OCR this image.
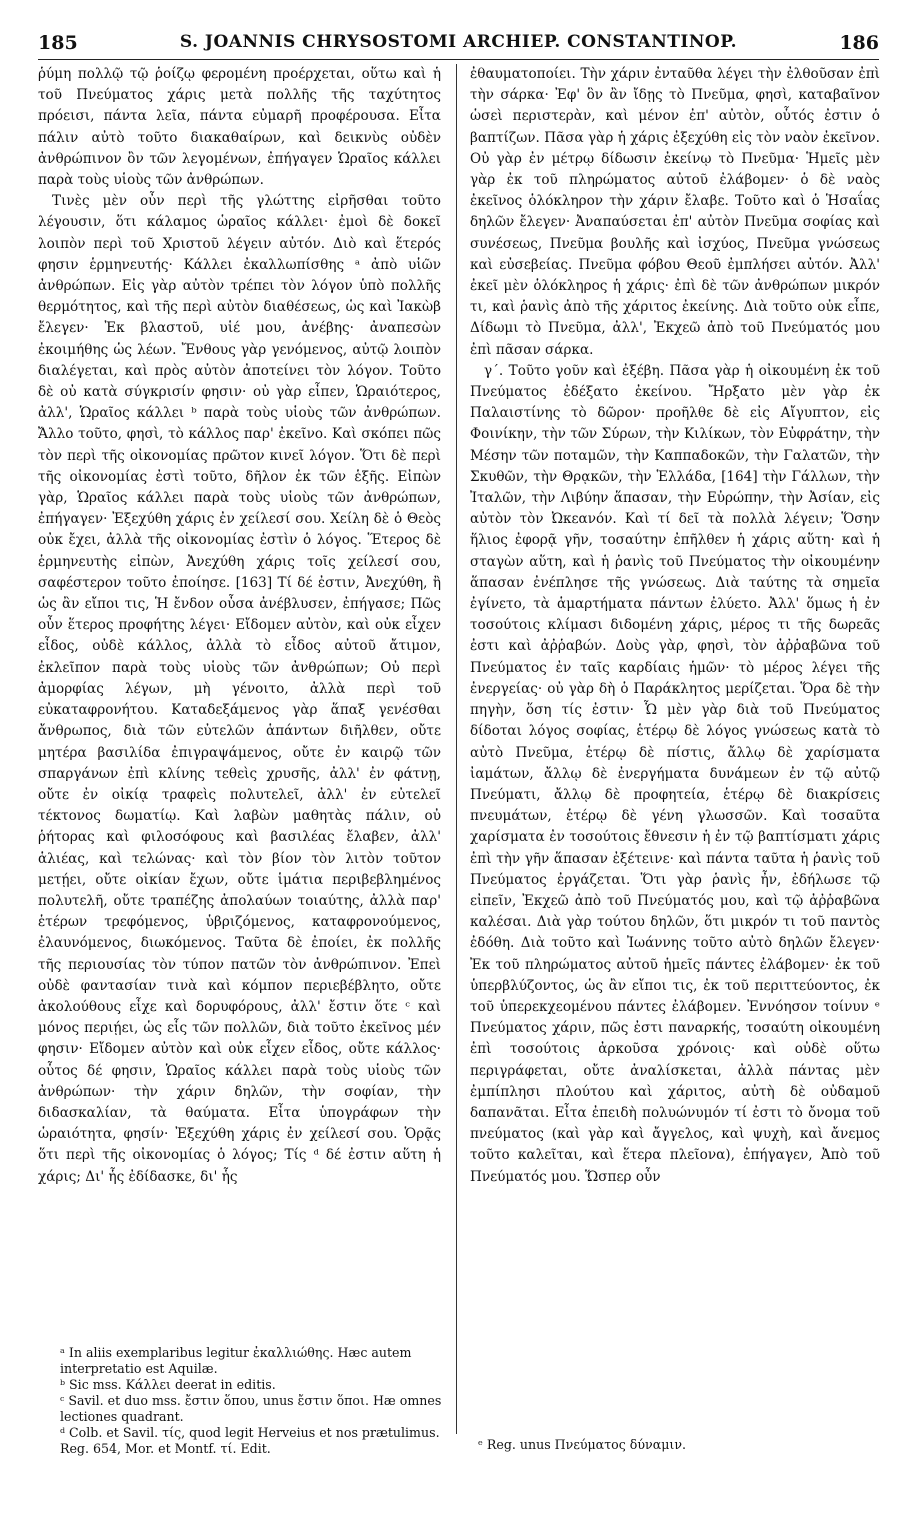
185	S. JOANNIS CHRYSOSTOMI ARCHIEP. CONSTANTINOP.	186

ῥύμη πολλῷ τῷ ῥοίζῳ φερομένη προέρχεται, οὕτω καὶ ἡ τοῦ Πνεύματος χάρις μετὰ πολλῆς τῆς ταχύτητος πρόεισι, πάντα λεῖα, πάντα εὐμαρῆ προφέρουσα. Εἶτα πάλιν αὐτὸ τοῦτο διακαθαίρων, καὶ δεικνὺς οὐδὲν ἀνθρώπινον ὂν τῶν λεγομένων, ἐπήγαγεν Ὡραῖος κάλλει παρὰ τοὺς υἱοὺς τῶν ἀνθρώπων.

Τινὲς μὲν οὖν περὶ τῆς γλώττης εἰρῆσθαι τοῦτο λέγουσιν, ὅτι κάλαμος ὡραῖος κάλλει· ἐμοὶ δὲ δοκεῖ λοιπὸν περὶ τοῦ Χριστοῦ λέγειν αὐτόν. Διὸ καὶ ἕτερός φησιν ἑρμηνευτής· Κάλλει ἐκαλλωπίσθης ᵃ ἀπὸ υἱῶν ἀνθρώπων. Εἰς γὰρ αὐτὸν τρέπει τὸν λόγον ὑπὸ πολλῆς θερμότητος, καὶ τῆς περὶ αὐτὸν διαθέσεως, ὡς καὶ Ἰακὼβ ἔλεγεν· Ἐκ βλαστοῦ, υἱέ μου, ἀνέβης· ἀναπεσὼν ἐκοιμήθης ὡς λέων. Ἔνθους γὰρ γενόμενος, αὐτῷ λοιπὸν διαλέγεται, καὶ πρὸς αὐτὸν ἀποτείνει τὸν λόγον. Τοῦτο δὲ οὐ κατὰ σύγκρισίν φησιν· οὐ γὰρ εἶπεν, Ὡραιότερος, ἀλλ', Ὡραῖος κάλλει ᵇ παρὰ τοὺς υἱοὺς τῶν ἀνθρώπων. Ἄλλο τοῦτο, φησὶ, τὸ κάλλος παρ' ἐκεῖνο. Καὶ σκόπει πῶς τὸν περὶ τῆς οἰκονομίας πρῶτον κινεῖ λόγον. Ὅτι δὲ περὶ τῆς οἰκονομίας ἐστὶ τοῦτο, δῆλον ἐκ τῶν ἑξῆς. Εἰπὼν γὰρ, Ὡραῖος κάλλει παρὰ τοὺς υἱοὺς τῶν ἀνθρώπων, ἐπήγαγεν· Ἐξεχύθη χάρις ἐν χείλεσί σου. Χείλη δὲ ὁ Θεὸς οὐκ ἔχει, ἀλλὰ τῆς οἰκονομίας ἐστὶν ὁ λόγος. Ἕτερος δὲ ἑρμηνευτὴς εἰπὼν, Ἀνεχύθη χάρις τοῖς χείλεσί σου, σαφέστερον τοῦτο ἐποίησε. [163] Τί δέ ἐστιν, Ἀνεχύθη, ἢ ὡς ἂν εἴποι τις, Ἡ ἔνδον οὖσα ἀνέβλυσεν, ἐπήγασε; Πῶς οὖν ἕτερος προφήτης λέγει· Εἴδομεν αὐτὸν, καὶ οὐκ εἶχεν εἶδος, οὐδὲ κάλλος, ἀλλὰ τὸ εἶδος αὐτοῦ ἄτιμον, ἐκλεῖπον παρὰ τοὺς υἱοὺς τῶν ἀνθρώπων; Οὐ περὶ ἀμορφίας λέγων, μὴ γένοιτο, ἀλλὰ περὶ τοῦ εὐκαταφρονήτου. Καταδεξάμενος γὰρ ἅπαξ γενέσθαι ἄνθρωπος, διὰ τῶν εὐτελῶν ἁπάντων διῆλθεν, οὔτε μητέρα βασιλίδα ἐπιγραψάμενος, οὔτε ἐν καιρῷ τῶν σπαργάνων ἐπὶ κλίνης τεθεὶς χρυσῆς, ἀλλ' ἐν φάτνῃ, οὔτε ἐν οἰκίᾳ τραφεὶς πολυτελεῖ, ἀλλ' ἐν εὐτελεῖ τέκτονος δωματίῳ. Καὶ λαβὼν μαθητὰς πάλιν, οὐ ῥήτορας καὶ φιλοσόφους καὶ βασιλέας ἔλαβεν, ἀλλ' ἁλιέας, καὶ τελώνας· καὶ τὸν βίον τὸν λιτὸν τοῦτον μετῄει, οὔτε οἰκίαν ἔχων, οὔτε ἱμάτια περιβεβλημένος πολυτελῆ, οὔτε τραπέζης ἀπολαύων τοιαύτης, ἀλλὰ παρ' ἑτέρων τρεφόμενος, ὑβριζόμενος, καταφρονούμενος, ἐλαυνόμενος, διωκόμενος. Ταῦτα δὲ ἐποίει, ἐκ πολλῆς τῆς περιουσίας τὸν τύπον πατῶν τὸν ἀνθρώπινον. Ἐπεὶ οὐδὲ φαντασίαν τινὰ καὶ κόμπον περιεβέβλητο, οὔτε ἀκολούθους εἶχε καὶ δορυφόρους, ἀλλ' ἔστιν ὅτε ᶜ καὶ μόνος περιῄει, ὡς εἷς τῶν πολλῶν, διὰ τοῦτο ἐκεῖνος μέν φησιν· Εἴδομεν αὐτὸν καὶ οὐκ εἶχεν εἶδος, οὔτε κάλλος· οὗτος δέ φησιν, Ὡραῖος κάλλει παρὰ τοὺς υἱοὺς τῶν ἀνθρώπων· τὴν χάριν δηλῶν, τὴν σοφίαν, τὴν διδασκαλίαν, τὰ θαύματα. Εἶτα ὑπογράφων τὴν ὡραιότητα, φησίν· Ἐξεχύθη χάρις ἐν χείλεσί σου. Ὁρᾷς ὅτι περὶ τῆς οἰκονομίας ὁ λόγος; Τίς ᵈ δέ ἐστιν αὕτη ἡ χάρις; Δι' ἧς ἐδίδασκε, δι' ἧς

ἐθαυματοποίει. Τὴν χάριν ἐνταῦθα λέγει τὴν ἐλθοῦσαν ἐπὶ τὴν σάρκα· Ἐφ' ὃν ἂν ἴδῃς τὸ Πνεῦμα, φησὶ, καταβαῖνον ὡσεὶ περιστερὰν, καὶ μένον ἐπ' αὐτὸν, οὗτός ἐστιν ὁ βαπτίζων. Πᾶσα γὰρ ἡ χάρις ἐξεχύθη εἰς τὸν ναὸν ἐκεῖνον. Οὐ γὰρ ἐν μέτρῳ δίδωσιν ἐκείνῳ τὸ Πνεῦμα· Ἡμεῖς μὲν γὰρ ἐκ τοῦ πληρώματος αὐτοῦ ἐλάβομεν· ὁ δὲ ναὸς ἐκεῖνος ὁλόκληρον τὴν χάριν ἔλαβε. Τοῦτο καὶ ὁ Ἡσαΐας δηλῶν ἔλεγεν· Ἀναπαύσεται ἐπ' αὐτὸν Πνεῦμα σοφίας καὶ συνέσεως, Πνεῦμα βουλῆς καὶ ἰσχύος, Πνεῦμα γνώσεως καὶ εὐσεβείας. Πνεῦμα φόβου Θεοῦ ἐμπλήσει αὐτόν. Ἀλλ' ἐκεῖ μὲν ὁλόκληρος ἡ χάρις· ἐπὶ δὲ τῶν ἀνθρώπων μικρόν τι, καὶ ῥανὶς ἀπὸ τῆς χάριτος ἐκείνης. Διὰ τοῦτο οὐκ εἶπε, Δίδωμι τὸ Πνεῦμα, ἀλλ', Ἐκχεῶ ἀπὸ τοῦ Πνεύματός μου ἐπὶ πᾶσαν σάρκα.

γ΄. Τοῦτο γοῦν καὶ ἐξέβη. Πᾶσα γὰρ ἡ οἰκουμένη ἐκ τοῦ Πνεύματος ἐδέξατο ἐκείνου. Ἤρξατο μὲν γὰρ ἐκ Παλαιστίνης τὸ δῶρον· προῆλθε δὲ εἰς Αἴγυπτον, εἰς Φοινίκην, τὴν τῶν Σύρων, τὴν Κιλίκων, τὸν Εὐφράτην, τὴν Μέσην τῶν ποταμῶν, τὴν Καππαδοκῶν, τὴν Γαλατῶν, τὴν Σκυθῶν, τὴν Θρᾳκῶν, τὴν Ἑλλάδα, [164] τὴν Γάλλων, τὴν Ἰταλῶν, τὴν Λιβύην ἅπασαν, τὴν Εὐρώπην, τὴν Ἀσίαν, εἰς αὐτὸν τὸν Ὠκεανόν. Καὶ τί δεῖ τὰ πολλὰ λέγειν; Ὅσην ἥλιος ἐφορᾷ γῆν, τοσαύτην ἐπῆλθεν ἡ χάρις αὕτη· καὶ ἡ σταγὼν αὕτη, καὶ ἡ ῥανὶς τοῦ Πνεύματος τὴν οἰκουμένην ἅπασαν ἐνέπλησε τῆς γνώσεως. Διὰ ταύτης τὰ σημεῖα ἐγίνετο, τὰ ἁμαρτήματα πάντων ἐλύετο. Ἀλλ' ὅμως ἡ ἐν τοσούτοις κλίμασι διδομένη χάρις, μέρος τι τῆς δωρεᾶς ἐστι καὶ ἀῤῥαβών. Δοὺς γὰρ, φησὶ, τὸν ἀῤῥαβῶνα τοῦ Πνεύματος ἐν ταῖς καρδίαις ἡμῶν· τὸ μέρος λέγει τῆς ἐνεργείας· οὐ γὰρ δὴ ὁ Παράκλητος μερίζεται. Ὅρα δὲ τὴν πηγὴν, ὅση τίς ἐστιν· Ὧ μὲν γὰρ διὰ τοῦ Πνεύματος δίδοται λόγος σοφίας, ἑτέρῳ δὲ λόγος γνώσεως κατὰ τὸ αὐτὸ Πνεῦμα, ἑτέρῳ δὲ πίστις, ἄλλῳ δὲ χαρίσματα ἰαμάτων, ἄλλῳ δὲ ἐνεργήματα δυνάμεων ἐν τῷ αὐτῷ Πνεύματι, ἄλλῳ δὲ προφητεία, ἑτέρῳ δὲ διακρίσεις πνευμάτων, ἑτέρῳ δὲ γένη γλωσσῶν. Καὶ τοσαῦτα χαρίσματα ἐν τοσούτοις ἔθνεσιν ἡ ἐν τῷ βαπτίσματι χάρις ἐπὶ τὴν γῆν ἅπασαν ἐξέτεινε· καὶ πάντα ταῦτα ἡ ῥανὶς τοῦ Πνεύματος ἐργάζεται. Ὅτι γὰρ ῥανὶς ἦν, ἐδήλωσε τῷ εἰπεῖν, Ἐκχεῶ ἀπὸ τοῦ Πνεύματός μου, καὶ τῷ ἀῤῥαβῶνα καλέσαι. Διὰ γὰρ τούτου δηλῶν, ὅτι μικρόν τι τοῦ παντὸς ἐδόθη. Διὰ τοῦτο καὶ Ἰωάννης τοῦτο αὐτὸ δηλῶν ἔλεγεν· Ἐκ τοῦ πληρώματος αὐτοῦ ἡμεῖς πάντες ἐλάβομεν· ἐκ τοῦ ὑπερβλύζοντος, ὡς ἂν εἴποι τις, ἐκ τοῦ περιττεύοντος, ἐκ τοῦ ὑπερεκχεομένου πάντες ἐλάβομεν. Ἐννόησον τοίνυν ᵉ Πνεύματος χάριν, πῶς ἐστι παναρκής, τοσαύτη οἰκουμένη ἐπὶ τοσούτοις ἀρκοῦσα χρόνοις· καὶ οὐδὲ οὕτω περιγράφεται, οὔτε ἀναλίσκεται, ἀλλὰ πάντας μὲν ἐμπίπλησι πλούτου καὶ χάριτος, αὐτὴ δὲ οὐδαμοῦ δαπανᾶται. Εἶτα ἐπειδὴ πολυώνυμόν τί ἐστι τὸ ὄνομα τοῦ πνεύματος (καὶ γὰρ καὶ ἄγγελος, καὶ ψυχὴ, καὶ ἄνεμος τοῦτο καλεῖται, καὶ ἕτερα πλεῖονα), ἐπήγαγεν, Ἀπὸ τοῦ Πνεύματός μου. Ὥσπερ οὖν

ᵃ In aliis exemplaribus legitur ἐκαλλιώθης. Hæc autem interpretatio est Aquilæ.
ᵇ Sic mss. Κάλλει deerat in editis.
ᶜ Savil. et duo mss. ἔστιν ὅπου, unus ἔστιν ὅποι. Hæ omnes lectiones quadrant.
ᵈ Colb. et Savil. τίς, quod legit Herveius et nos prætulimus. Reg. 654, Mor. et Montf. τί. Edit.	ᵉ Reg. unus Πνεύματος δύναμιν.
